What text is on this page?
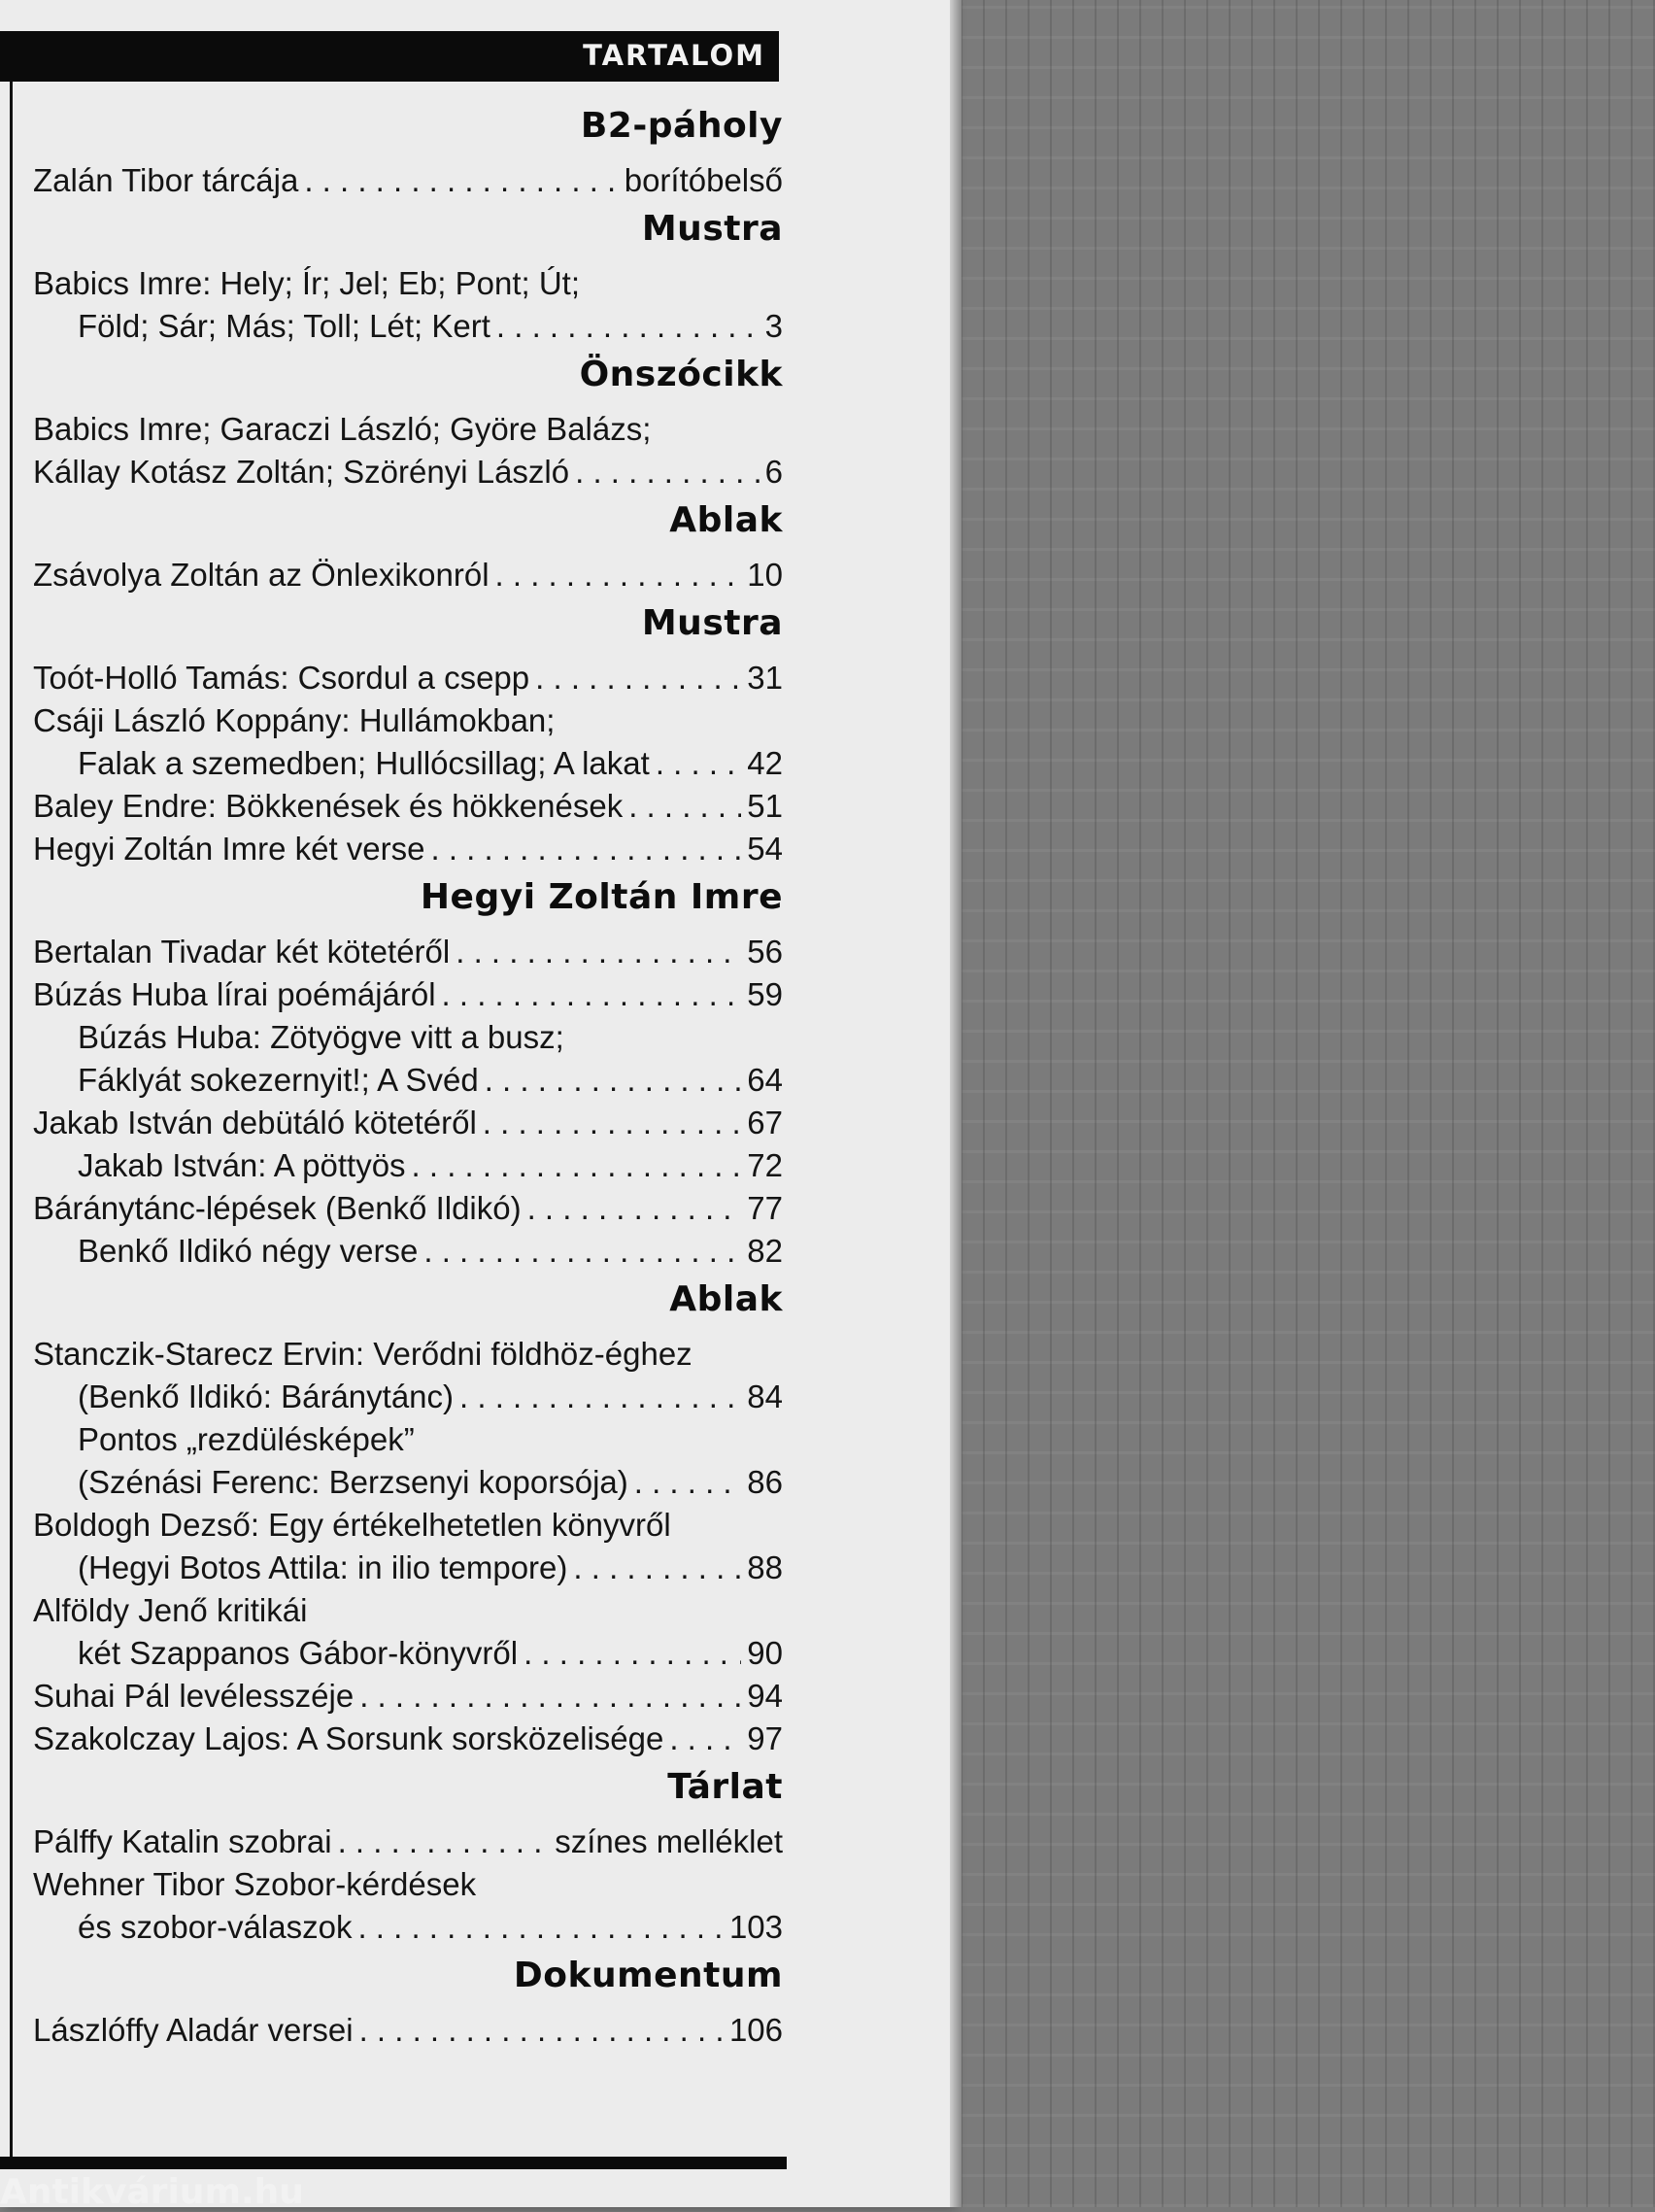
TARTALOM
B2-páholy
Zalán Tibor tárcája . . .	borítóbelső
Mustra
Babics Imre: Hely; Ír; Jel; Eb; Pont; Út;
Föld; Sár; Más; Toll; Lét; Kert . . .	3
Önszócikk
Babics Imre; Garaczi László; Györe Balázs;
Kállay Kotász Zoltán; Szörényi László . . .	6
Ablak
Zsávolya Zoltán az Önlexikonról . . .	10
Mustra
Toót-Holló Tamás: Csordul a csepp . . .	31
Csáji László Koppány: Hullámokban;
Falak a szemedben; Hullócsillag; A lakat . . .	42
Baley Endre: Bökkenések és hökkenések . . .	51
Hegyi Zoltán Imre két verse . . .	54
Hegyi Zoltán Imre
Bertalan Tivadar két kötetéről . . .	56
Búzás Huba lírai poémájáról . . .	59
Búzás Huba: Zötyögve vitt a busz;
Fáklyát sokezernyit!; A Svéd . . .	64
Jakab István debütáló kötetéről . . .	67
Jakab István: A pöttyös . . .	72
Báránytánc-lépések (Benkő Ildikó) . . .	77
Benkő Ildikó négy verse . . .	82
Ablak
Stanczik-Starecz Ervin: Verődni földhöz-éghez
(Benkő Ildikó: Báránytánc) . . .	84
Pontos „rezdülésképek”
(Szénási Ferenc: Berzsenyi koporsója) . . .	86
Boldogh Dezső: Egy értékelhetetlen könyvről
(Hegyi Botos Attila: in ilio tempore) . . .	88
Alföldy Jenő kritikái
két Szappanos Gábor-könyvről . . .	90
Suhai Pál levélesszéje . . .	94
Szakolczay Lajos: A Sorsunk sorsközelisége . . .	97
Tárlat
Pálffy Katalin szobrai . . .	színes melléklet
Wehner Tibor Szobor-kérdések
és szobor-válaszok . . .	103
Dokumentum
Lászlóffy Aladár versei . . .	106
Antikvárium.hu
